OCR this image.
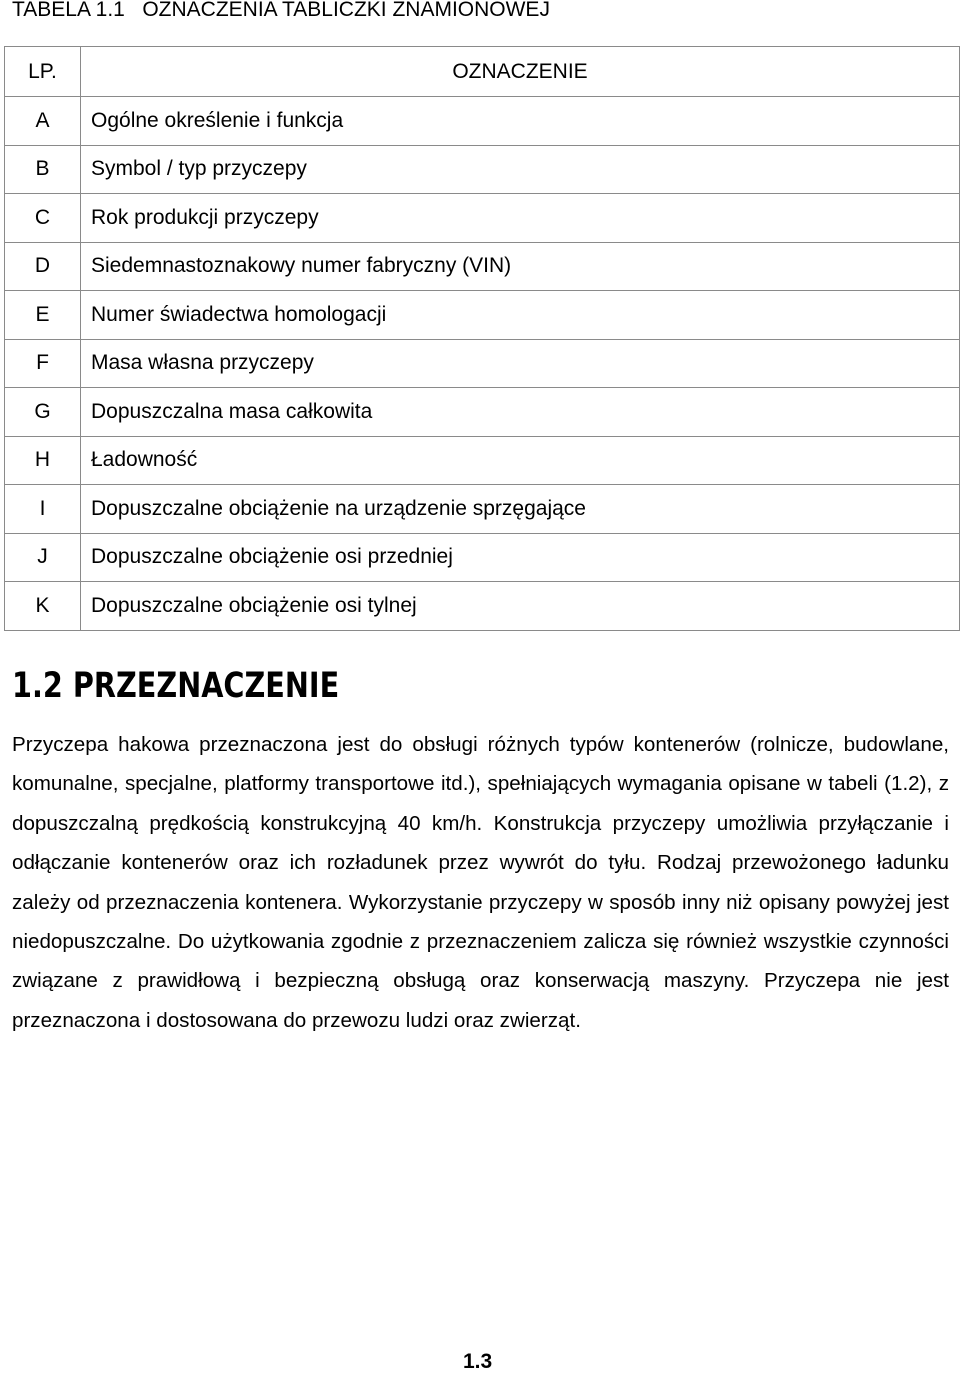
TABELA 1.1   OZNACZENIA TABLICZKI ZNAMIONOWEJ

LP.	OZNACZENIE
A	Ogólne określenie i funkcja
B	Symbol / typ przyczepy
C	Rok produkcji przyczepy
D	Siedemnastoznakowy numer fabryczny (VIN)
E	Numer świadectwa homologacji
F	Masa własna przyczepy
G	Dopuszczalna masa całkowita
H	Ładowność
I	Dopuszczalne obciążenie na urządzenie sprzęgające
J	Dopuszczalne obciążenie osi przedniej
K	Dopuszczalne obciążenie osi tylnej
1.2 PRZEZNACZENIE

Przyczepa hakowa przeznaczona jest do obsługi różnych typów kontenerów (rolnicze, budowlane, komunalne, specjalne, platformy transportowe itd.), spełniających wymagania opisane w tabeli (1.2), z dopuszczalną prędkością konstrukcyjną 40 km/h. Konstrukcja przyczepy umożliwia przyłączanie i odłączanie kontenerów oraz ich rozładunek przez wywrót do tyłu. Rodzaj przewożonego ładunku zależy od przeznaczenia kontenera. Wykorzystanie przyczepy w sposób inny niż opisany powyżej jest niedopuszczalne. Do użytkowania zgodnie z przeznaczeniem zalicza się również wszystkie czynności związane z prawidłową i bezpieczną obsługą oraz konserwacją maszyny. Przyczepa nie jest przeznaczona i dostosowana do przewozu ludzi oraz zwierząt.

1.3
